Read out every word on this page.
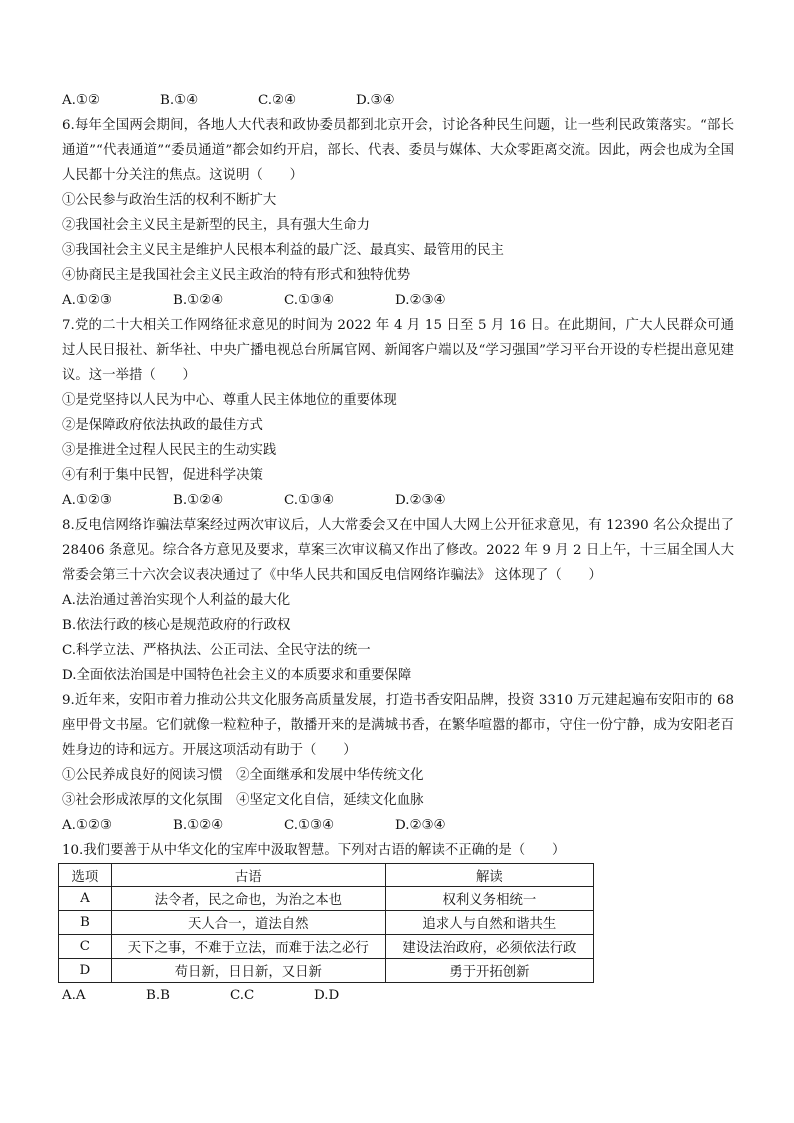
A.①②	B.①④	C.②④	D.③④

6.每年全国两会期间，各地人大代表和政协委员都到北京开会，讨论各种民生问题，让一些利民政策落实。“部长通道”“代表通道”“委员通道”都会如约开启，部长、代表、委员与媒体、大众零距离交流。因此，两会也成为全国人民都十分关注的焦点。这说明（　　）

①公民参与政治生活的权利不断扩大
②我国社会主义民主是新型的民主，具有强大生命力
③我国社会主义民主是维护人民根本利益的最广泛、最真实、最管用的民主
④协商民主是我国社会主义民主政治的特有形式和独特优势
A.①②③	B.①②④	C.①③④	D.②③④

7.党的二十大相关工作网络征求意见的时间为 2022 年 4 月 15 日至 5 月 16 日。在此期间，广大人民群众可通过人民日报社、新华社、中央广播电视总台所属官网、新闻客户端以及“学习强国”学习平台开设的专栏提出意见建议。这一举措（　　）

①是党坚持以人民为中心、尊重人民主体地位的重要体现
②是保障政府依法执政的最佳方式
③是推进全过程人民民主的生动实践
④有利于集中民智，促进科学决策
A.①②③	B.①②④	C.①③④	D.②③④

8.反电信网络诈骗法草案经过两次审议后，人大常委会又在中国人大网上公开征求意见，有 12390 名公众提出了 28406 条意见。综合各方意见及要求，草案三次审议稿又作出了修改。2022 年 9 月 2 日上午，十三届全国人大常委会第三十六次会议表决通过了《中华人民共和国反电信网络诈骗法》 这体现了（　　）

A.法治通过善治实现个人利益的最大化
B.依法行政的核心是规范政府的行政权
C.科学立法、严格执法、公正司法、全民守法的统一
D.全面依法治国是中国特色社会主义的本质要求和重要保障

9.近年来，安阳市着力推动公共文化服务高质量发展，打造书香安阳品牌，投资 3310 万元建起遍布安阳市的 68 座甲骨文书屋。它们就像一粒粒种子，散播开来的是满城书香，在繁华喧嚣的都市，守住一份宁静，成为安阳老百姓身边的诗和远方。开展这项活动有助于（　　）

①公民养成良好的阅读习惯　②全面继承和发展中华传统文化
③社会形成浓厚的文化氛围　④坚定文化自信，延续文化血脉
A.①②③	B.①②④	C.①③④	D.②③④
10.我们要善于从中华文化的宝库中汲取智慧。下列对古语的解读不正确的是（　　）
选项	古语	解读
A	法令者，民之命也，为治之本也	权利义务相统一
B	天人合一，道法自然	追求人与自然和谐共生
C	天下之事，不难于立法，而难于法之必行	建设法治政府，必须依法行政
D	苟日新，日日新，又日新	勇于开拓创新
A.A	B.B	C.C	D.D
